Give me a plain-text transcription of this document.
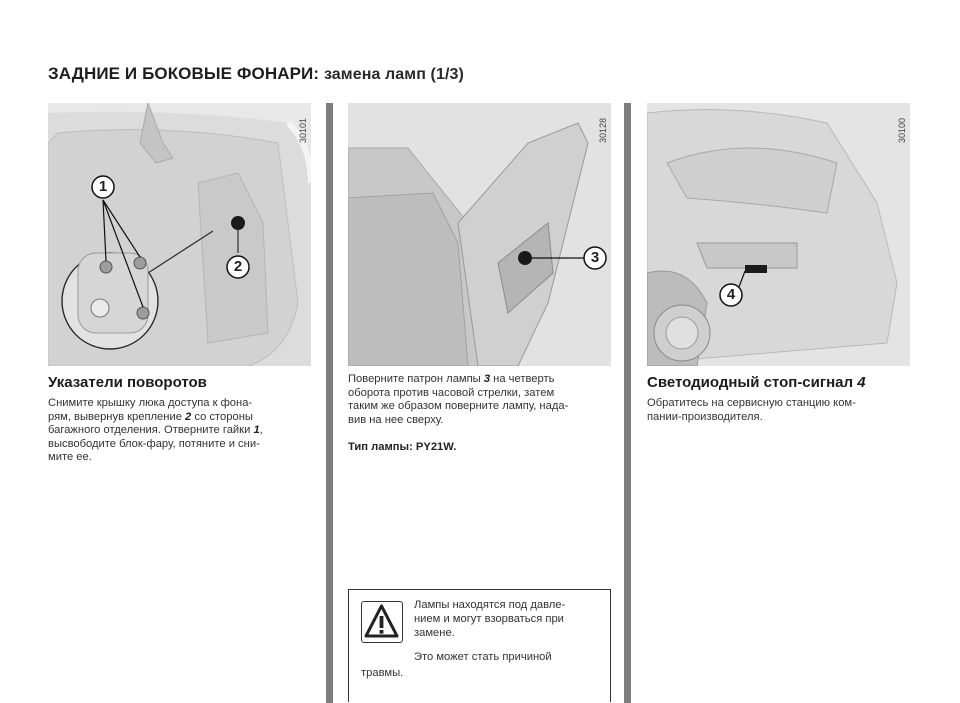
ЗАДНИЕ И БОКОВЫЕ ФОНАРИ: замена ламп (1/3)
1
2
30101
Указатели поворотов
Снимите крышку люка доступа к фона-
рям, вывернув крепление 2 со стороны
багажного отделения. Отверните гайки 1,
высвободите блок-фару, потяните и сни-
мите ее.
3
30128
Поверните патрон лампы 3 на четверть
оборота против часовой стрелки, затем
таким же образом поверните лампу, нада-
вив на нее сверху.
Тип лампы: PY21W.
Лампы находятся под давле-
нием и могут взорваться при
замене.
Это может стать причиной
травмы.
4
30100
Светодиодный стоп-сигнал 4
Обратитесь на сервисную станцию ком-
пании-производителя.
